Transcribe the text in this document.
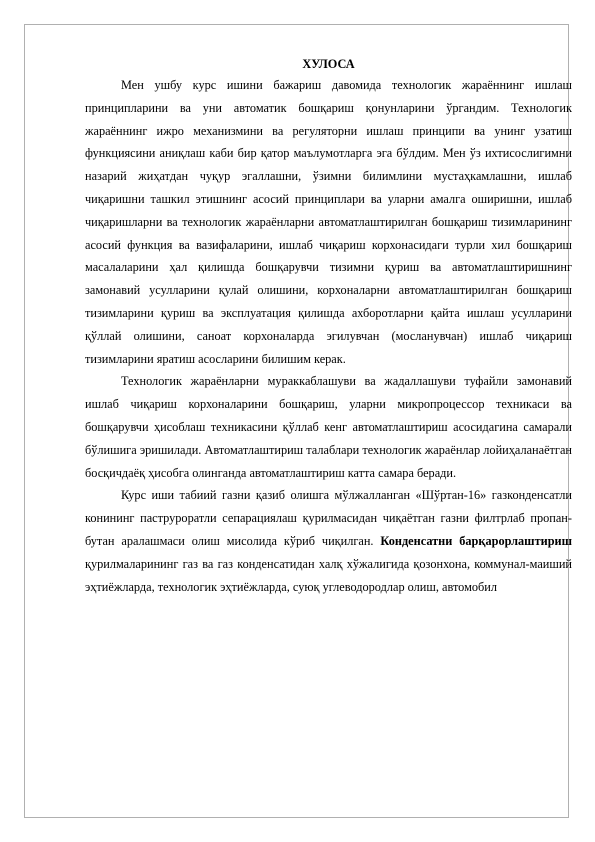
ХУЛОСА

Мен ушбу курс ишини бажариш давомида технологик жараённинг ишлаш принципларини ва уни автоматик бошқариш қонунларини ўргандим. Технологик жараённинг ижро механизмини ва регуляторни ишлаш принципи ва унинг узатиш функциясини аниқлаш каби бир қатор маълумотларга эга бўлдим. Мен ўз ихтисослигимни назарий жиҳатдан чуқур эгаллашни, ўзимни билимлини мустаҳкамлашни, ишлаб чиқаришни ташкил этишнинг асосий принциплари ва уларни амалга оширишни, ишлаб чиқаришларни ва технологик жараёнларни автоматлаштирилган бошқариш тизимларининг асосий функция ва вазифаларини, ишлаб чиқариш корхонасидаги турли хил бошқариш масалаларини ҳал қилишда бошқарувчи тизимни қуриш ва автоматлаштиришнинг замонавий усулларини қулай олишини, корхоналарни автоматлаштирилган бошқариш тизимларини қуриш ва эксплуатация қилишда ахборотларни қайта ишлаш усулларини қўллай олишини, саноат корхоналарда эгилувчан (мосланувчан) ишлаб чиқариш тизимларини яратиш асосларини билишим керак.

Технологик жараёнларни мураккаблашуви ва жадаллашуви туфайли замонавий ишлаб чиқариш корхоналарини бошқариш, уларни микропроцессор техникаси ва бошқарувчи ҳисоблаш техникасини қўллаб кенг автоматлаштириш асосидагина самарали бўлишига эришилади. Автоматлаштириш талаблари технологик жараёнлар лойиҳаланаётган босқичдаёқ ҳисобга олинганда автоматлаштириш катта самара беради.

Курс иши табиий газни қазиб олишга мўлжалланган «Шўртан-16» газконденсатли конининг паструроратли сепарациялаш қурилмасидан чиқаётган газни филтрлаб пропан-бутан аралашмаси олиш мисолида кўриб чиқилган. Конденсатни барқарорлаштириш қурилмаларининг газ ва газ конденсатидан халқ хўжалигида қозонхона, коммунал-маиший эҳтиёжларда, технологик эҳтиёжларда, суюқ углеводородлар олиш, автомобил
